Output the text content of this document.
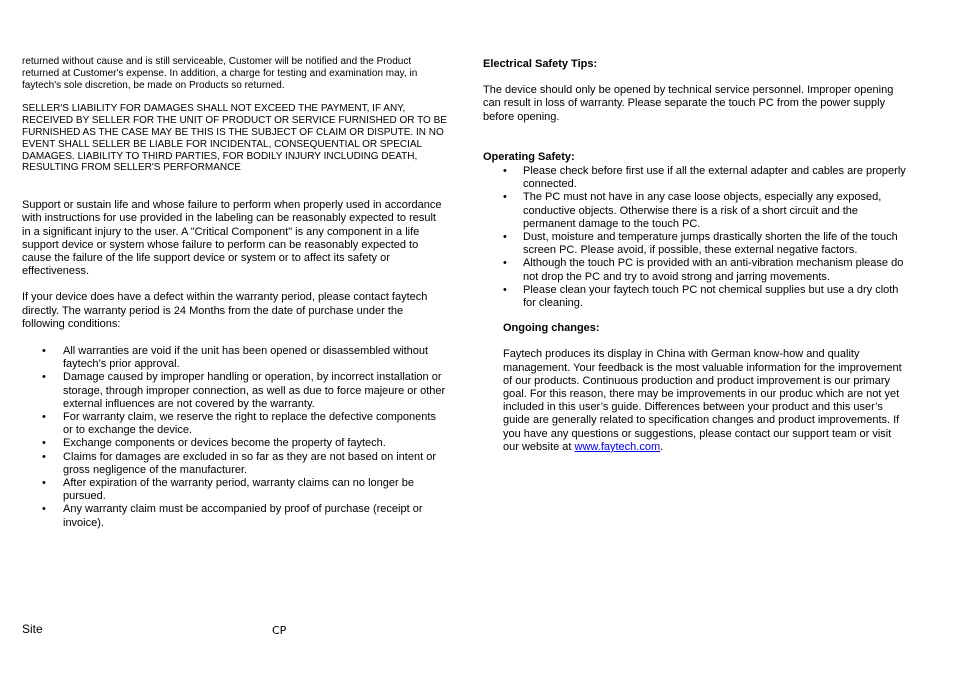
returned without cause and is still serviceable, Customer will be notified and the Product returned at Customer's expense. In addition, a charge for testing and examination may, in faytech's sole discretion, be made on Products so returned.

SELLER'S LIABILITY FOR DAMAGES SHALL NOT EXCEED THE PAYMENT, IF ANY, RECEIVED BY SELLER FOR THE UNIT OF PRODUCT OR SERVICE FURNISHED OR TO BE FURNISHED AS THE CASE MAY BE THIS IS THE SUBJECT OF CLAIM OR DISPUTE. IN NO EVENT SHALL SELLER BE LIABLE FOR INCIDENTAL, CONSEQUENTIAL OR SPECIAL DAMAGES. LIABILITY TO THIRD PARTIES, FOR BODILY INJURY INCLUDING DEATH, RESULTING FROM SELLER'S PERFORMANCE

Support or sustain life and whose failure to perform when properly used in accordance with instructions for use provided in the labeling can be reasonably expected to result in a significant injury to the user. A "Critical Component" is any component in a life support device or system whose failure to perform can be reasonably expected to cause the failure of the life support device or system or to affect its safety or effectiveness.

If your device does have a defect within the warranty period, please contact faytech directly. The warranty period is 24 Months from the date of purchase under the following conditions:

• All warranties are void if the unit has been opened or disassembled without faytech’s prior approval.
• Damage caused by improper handling or operation, by incorrect installation or storage, through improper connection, as well as due to force majeure or other external influences are not covered by the warranty.
• For warranty claim, we reserve the right to replace the defective components or to exchange the device.
• Exchange components or devices become the property of faytech.
• Claims for damages are excluded in so far as they are not based on intent or gross negligence of the manufacturer.
• After expiration of the warranty period, warranty claims can no longer be pursued.
• Any warranty claim must be accompanied by proof of purchase (receipt or invoice).

Electrical Safety Tips:

The device should only be opened by technical service personnel. Improper opening can result in loss of warranty. Please separate the touch PC from the power supply before opening.

Operating Safety:

• Please check before first use if all the external adapter and cables are properly connected.
• The PC must not have in any case loose objects, especially any exposed, conductive objects. Otherwise there is a risk of a short circuit and the permanent damage to the touch PC.
• Dust, moisture and temperature jumps drastically shorten the life of the touch screen PC. Please avoid, if possible, these external negative factors.
• Although the touch PC is provided with an anti-vibration mechanism please do not drop the PC and try to avoid strong and jarring movements.
• Please clean your faytech touch PC not chemical supplies but use a dry cloth for cleaning.

Ongoing changes:

Faytech produces its display in China with German know-how and quality management. Your feedback is the most valuable information for the improvement of our products. Continuous production and product improvement is our primary goal. For this reason, there may be improvements in our produc which are not yet included in this user’s guide. Differences between your product and this user’s guide are generally related to specification changes and product improvements. If you have any questions or suggestions, please contact our support team or visit our website at www.faytech.com.

Site	CP
